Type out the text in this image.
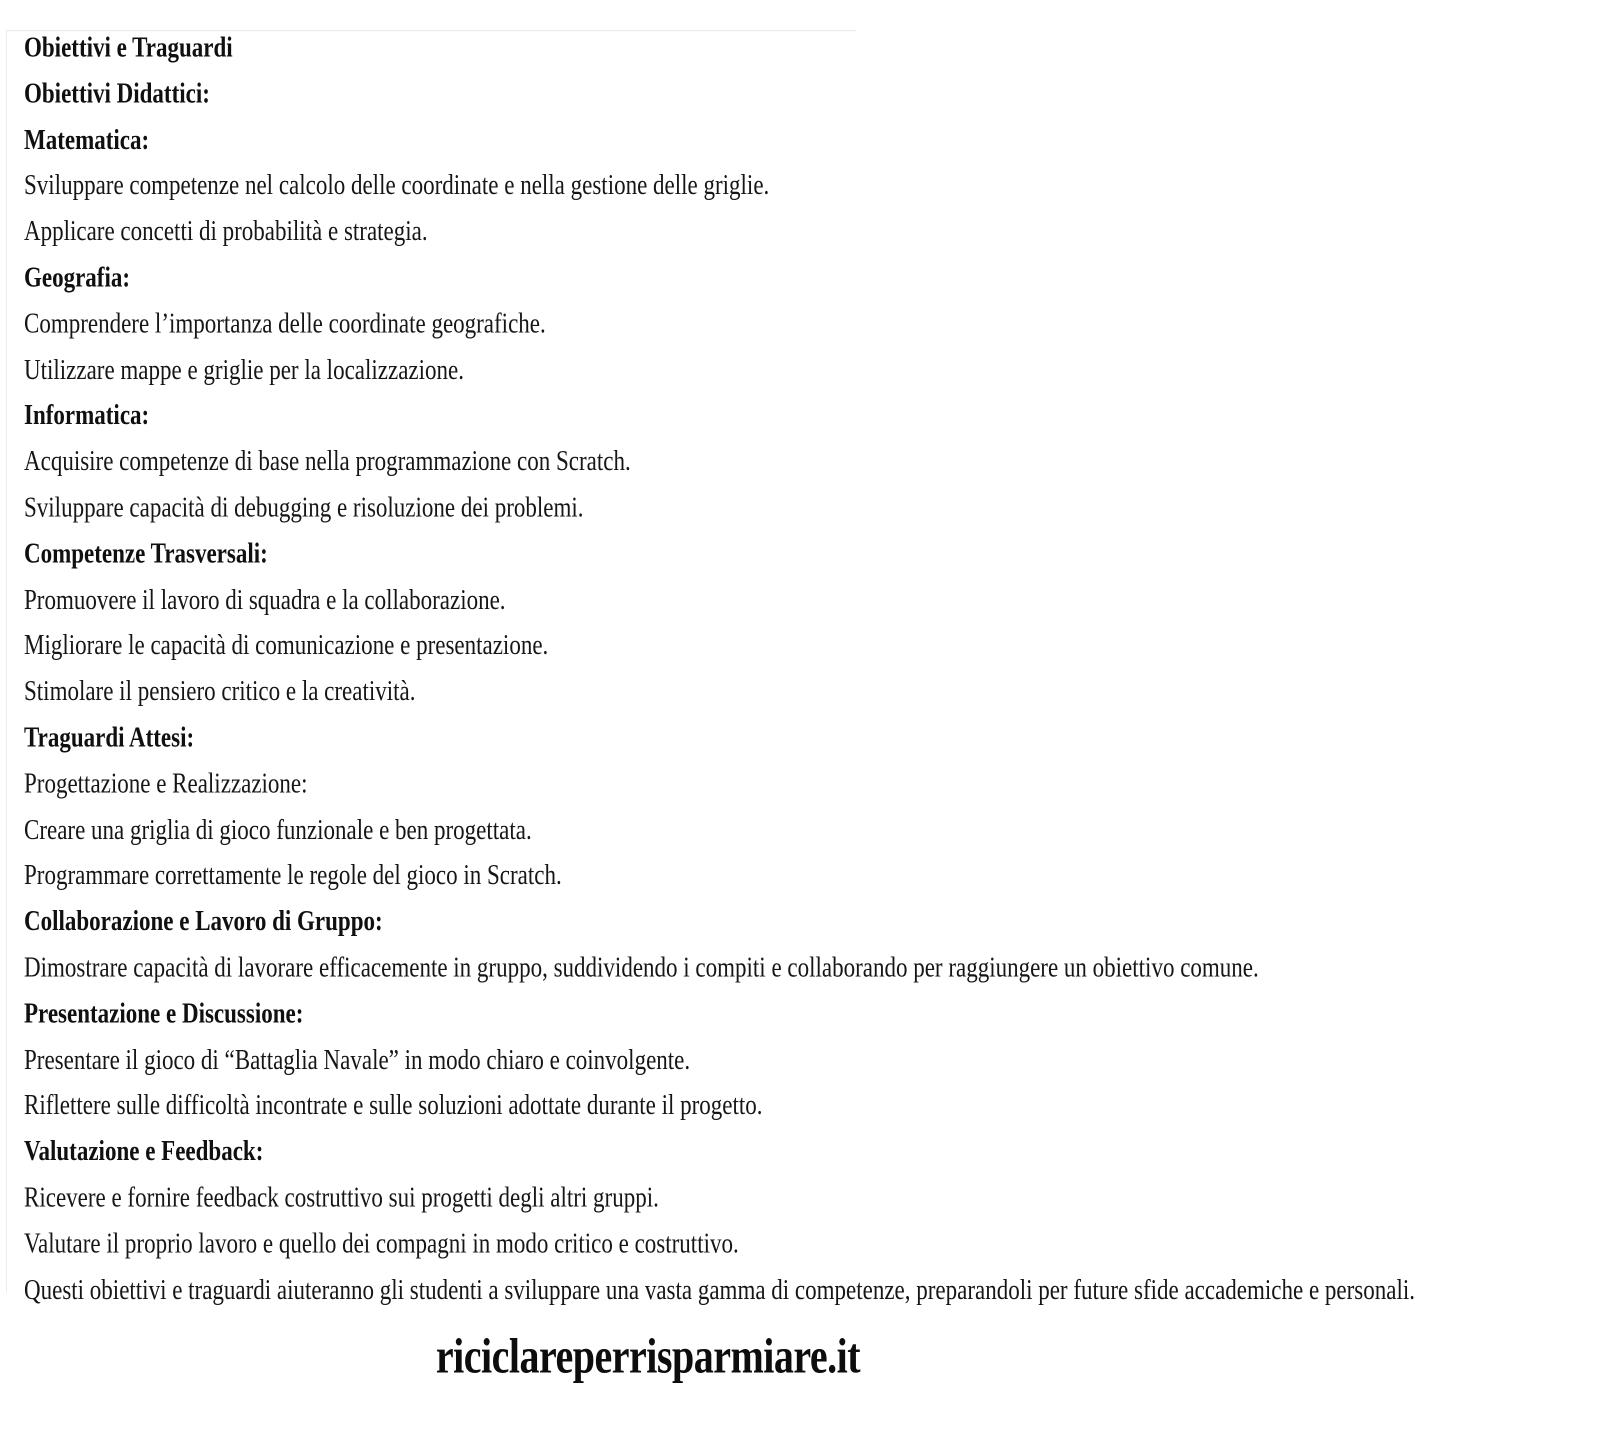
Obiettivi e Traguardi

Obiettivi Didattici:

Matematica:

Sviluppare competenze nel calcolo delle coordinate e nella gestione delle griglie.

Applicare concetti di probabilità e strategia.

Geografia:

Comprendere l’importanza delle coordinate geografiche.

Utilizzare mappe e griglie per la localizzazione.

Informatica:

Acquisire competenze di base nella programmazione con Scratch.

Sviluppare capacità di debugging e risoluzione dei problemi.

Competenze Trasversali:

Promuovere il lavoro di squadra e la collaborazione.

Migliorare le capacità di comunicazione e presentazione.

Stimolare il pensiero critico e la creatività.

Traguardi Attesi:

Progettazione e Realizzazione:

Creare una griglia di gioco funzionale e ben progettata.

Programmare correttamente le regole del gioco in Scratch.

Collaborazione e Lavoro di Gruppo:

Dimostrare capacità di lavorare efficacemente in gruppo, suddividendo i compiti e collaborando per raggiungere un obiettivo comune.

Presentazione e Discussione:

Presentare il gioco di “Battaglia Navale” in modo chiaro e coinvolgente.

Riflettere sulle difficoltà incontrate e sulle soluzioni adottate durante il progetto.

Valutazione e Feedback:

Ricevere e fornire feedback costruttivo sui progetti degli altri gruppi.

Valutare il proprio lavoro e quello dei compagni in modo critico e costruttivo.

Questi obiettivi e traguardi aiuteranno gli studenti a sviluppare una vasta gamma di competenze, preparandoli per future sfide accademiche e personali.

riciclareperrisparmiare.it
